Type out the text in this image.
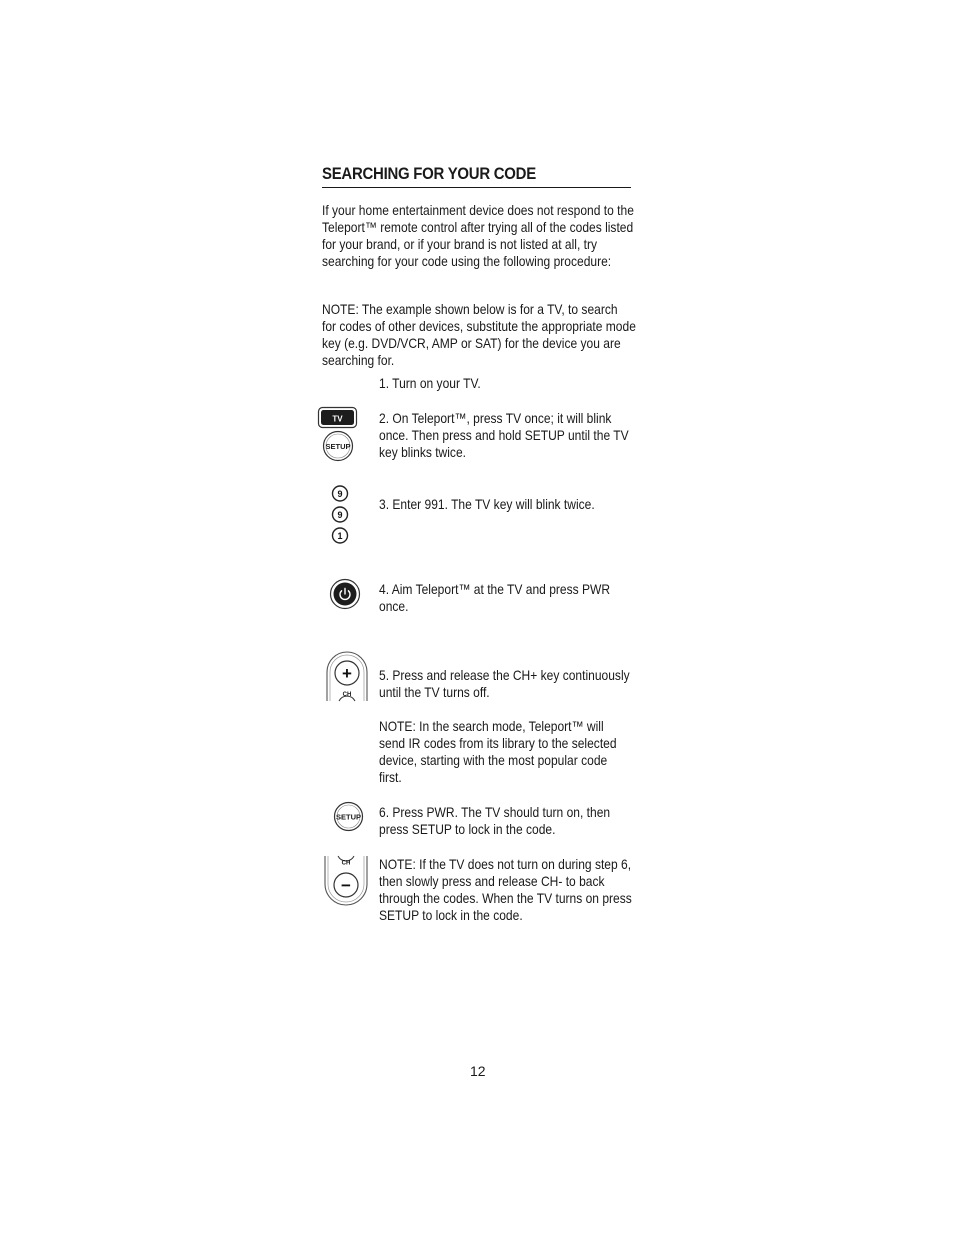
SEARCHING FOR YOUR CODE
If your home entertainment device does not respond to the
Teleport™ remote control after trying all of the codes listed
for your brand, or if your brand is not listed at all, try
searching for your code using the following procedure:
NOTE: The example shown below is for a TV, to search
for codes of other devices, substitute the appropriate mode
key (e.g. DVD/VCR, AMP or SAT) for the device you are
searching for.
1. Turn on your TV.
TV
SETUP
2. On Teleport™, press TV once; it will blink
once. Then press and hold SETUP until the TV
key blinks twice.
9
9
1
3. Enter 991. The TV key will blink twice.
4. Aim Teleport™ at the TV and press PWR
once.
+
CH
5. Press and release the CH+ key continuously
until the TV turns off.
NOTE: In the search mode, Teleport™ will
send IR codes from its library to the selected
device, starting with the most popular code
first.
SETUP 6. Press PWR. The TV should turn on, then
press SETUP to lock in the code.
CH
−
NOTE: If the TV does not turn on during step 6,
then slowly press and release CH- to back
through the codes. When the TV turns on press
SETUP to lock in the code.
12
